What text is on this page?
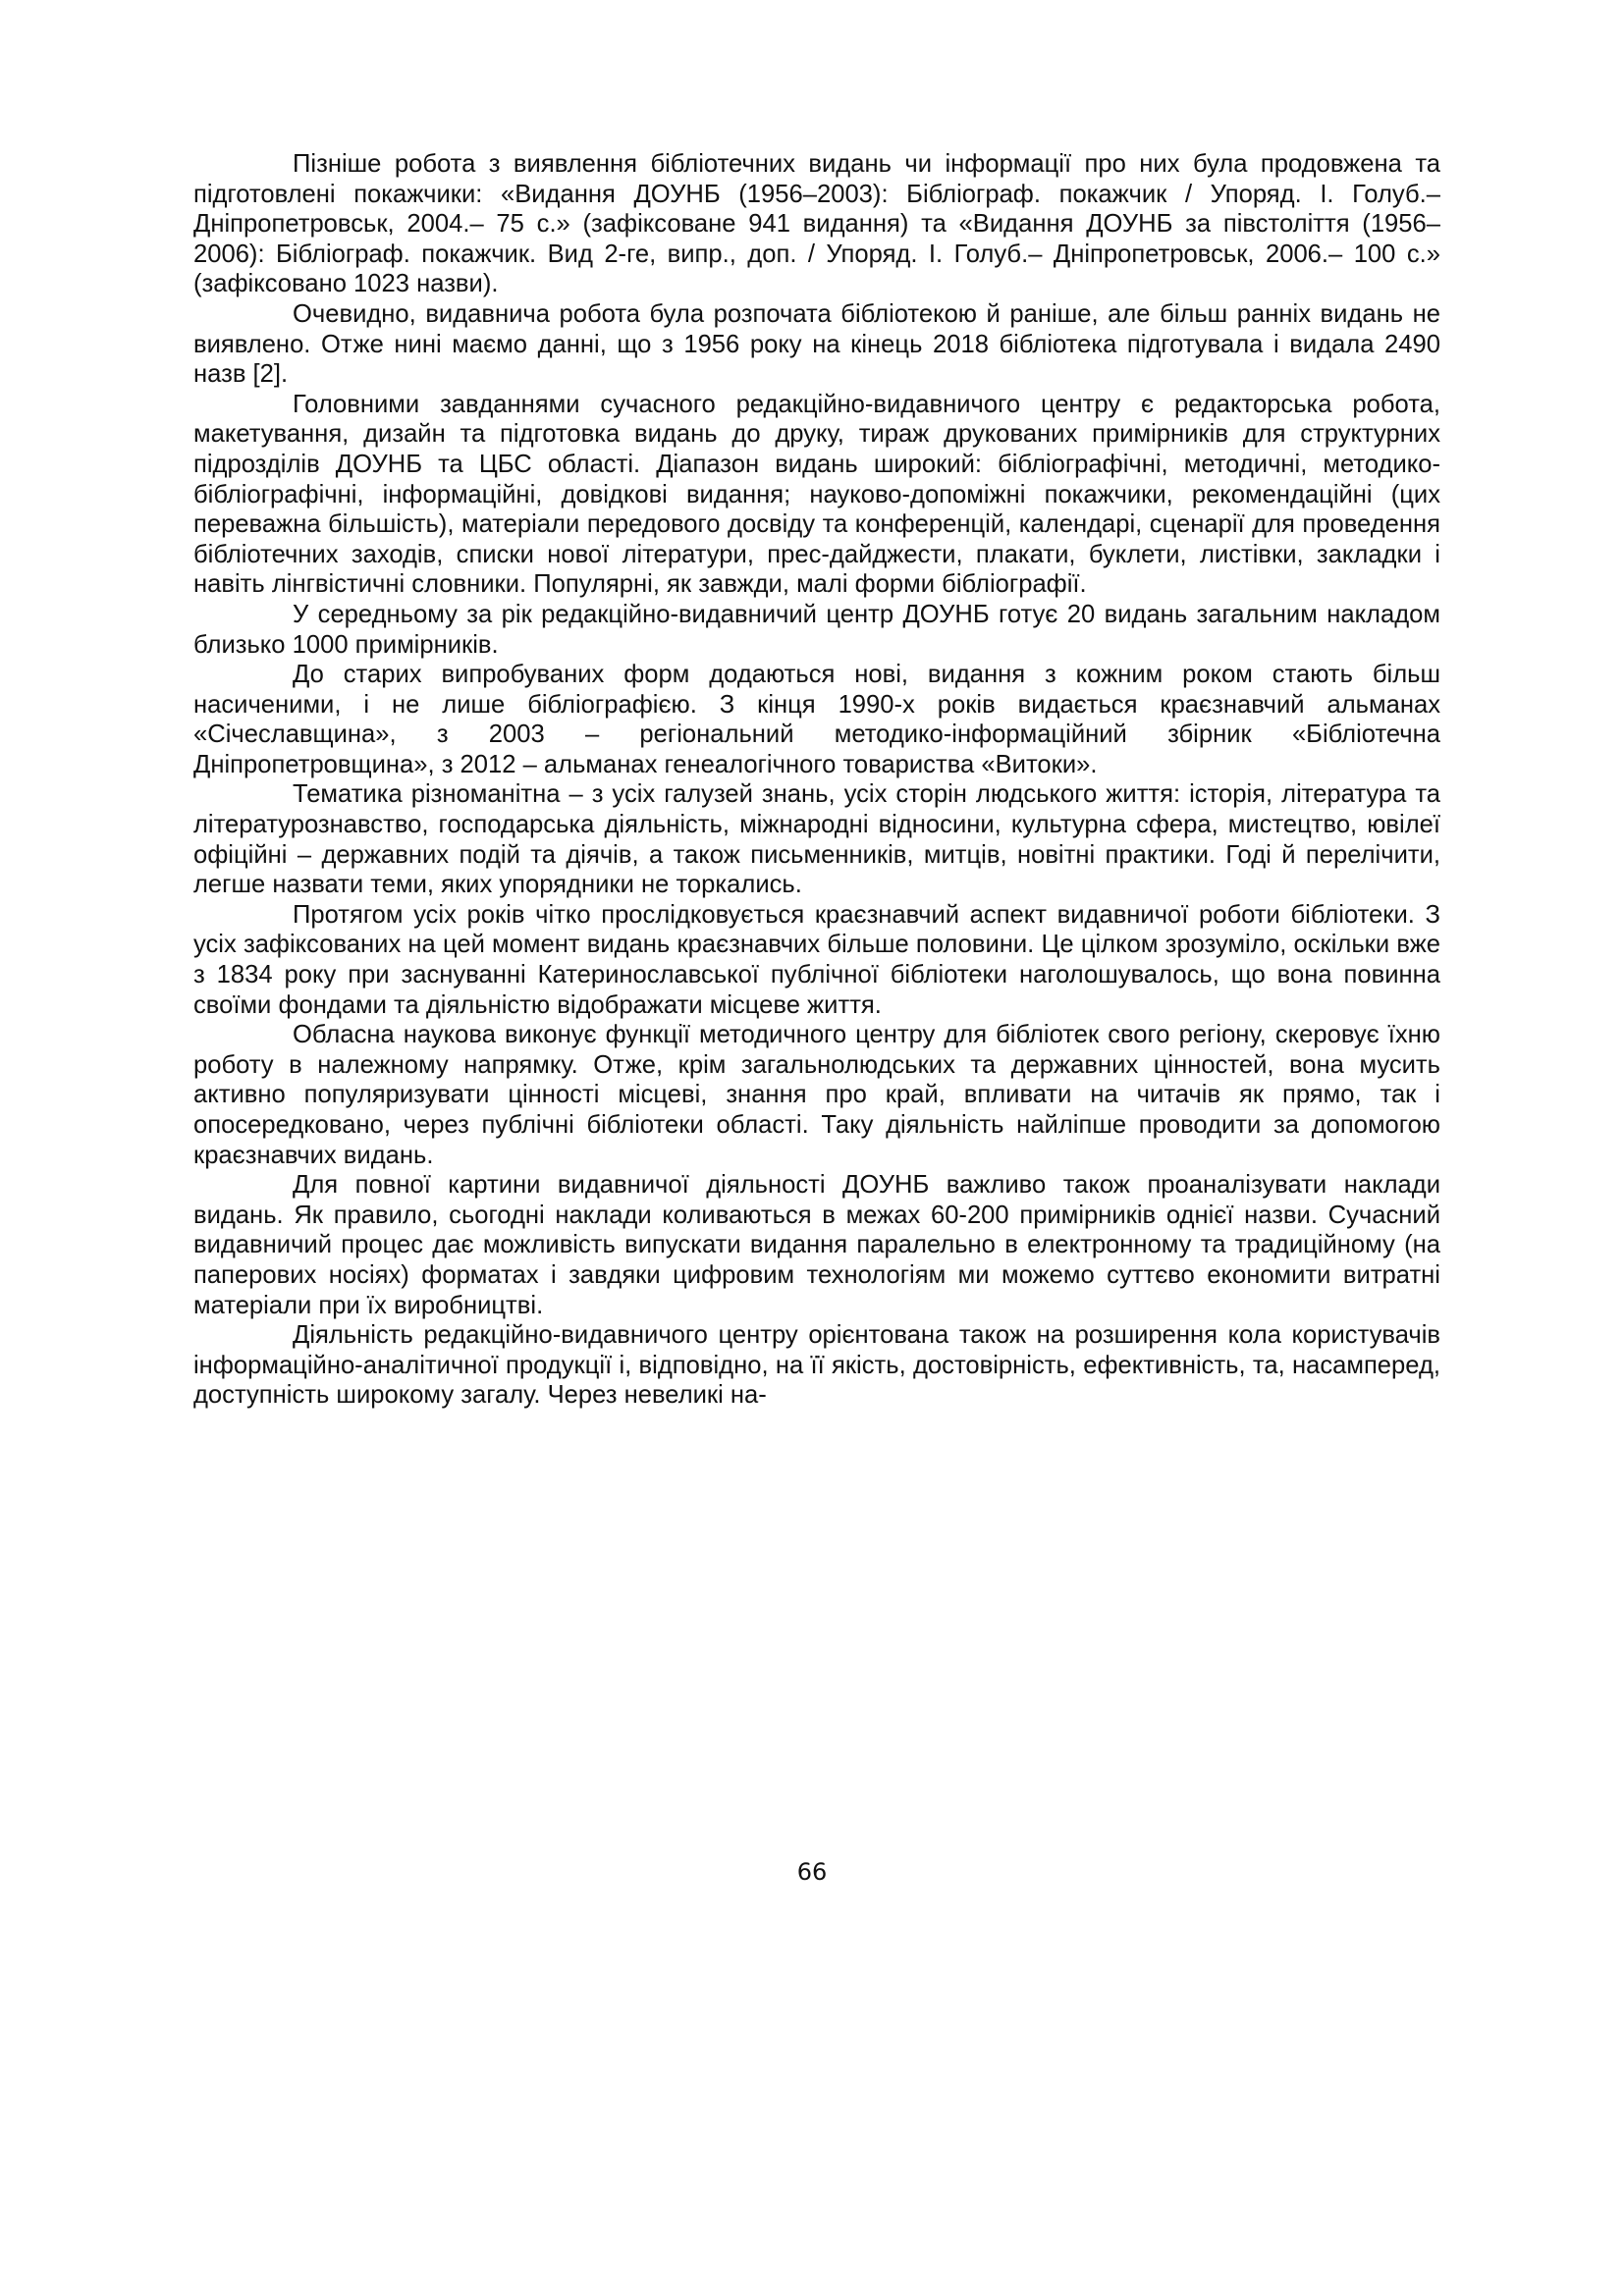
Пізніше робота з виявлення бібліотечних видань чи інформації про них була продовжена та підготовлені покажчики: «Видання ДОУНБ (1956–2003): Бібліограф. покажчик / Упоряд. І. Голуб.– Дніпропетровськ, 2004.– 75 с.» (зафіксоване 941 видання) та «Видання ДОУНБ за півстоліття (1956–2006): Бібліограф. покажчик. Вид 2-ге, випр., доп. / Упоряд. І. Голуб.– Дніпропетровськ, 2006.– 100 с.» (зафіксовано 1023 назви).

Очевидно, видавнича робота була розпочата бібліотекою й раніше, але більш ранніх видань не виявлено. Отже нині маємо данні, що з 1956 року на кінець 2018 бібліотека підготувала і видала 2490 назв [2].

Головними завданнями сучасного редакційно-видавничого центру є редакторська робота, макетування, дизайн та підготовка видань до друку, тираж друкованих примірників для структурних підрозділів ДОУНБ та ЦБС області. Діапазон видань широкий: бібліографічні, методичні, методико-бібліографічні, інформаційні, довідкові видання; науково-допоміжні покажчики, рекомендаційні (цих переважна більшість), матеріали передового досвіду та конференцій, календарі, сценарії для проведення бібліотечних заходів, списки нової літератури, прес-дайджести, плакати, буклети, листівки, закладки і навіть лінгвістичні словники. Популярні, як завжди, малі форми бібліографії.

У середньому за рік редакційно-видавничий центр ДОУНБ готує 20 видань загальним накладом близько 1000 примірників.

До старих випробуваних форм додаються нові, видання з кожним роком стають більш насиченими, і не лише бібліографією. З кінця 1990-х років видається краєзнавчий альманах «Січеславщина», з 2003 – регіональний методико-інформаційний збірник «Бібліотечна Дніпропетровщина», з 2012 – альманах генеалогічного товариства «Витоки».

Тематика різноманітна – з усіх галузей знань, усіх сторін людського життя: історія, література та літературознавство, господарська діяльність, міжнародні відносини, культурна сфера, мистецтво, ювілеї офіційні – державних подій та діячів, а також письменників, митців, новітні практики. Годі й перелічити, легше назвати теми, яких упорядники не торкались.

Протягом усіх років чітко прослідковується краєзнавчий аспект видавничої роботи бібліотеки. З усіх зафіксованих на цей момент видань краєзнавчих більше половини. Це цілком зрозуміло, оскільки вже з 1834 року при заснуванні Катеринославської публічної бібліотеки наголошувалось, що вона повинна своїми фондами та діяльністю відображати місцеве життя.

Обласна наукова виконує функції методичного центру для бібліотек свого регіону, скеровує їхню роботу в належному напрямку. Отже, крім загальнолюдських та державних цінностей, вона мусить активно популяризувати цінності місцеві, знання про край, впливати на читачів як прямо, так і опосередковано, через публічні бібліотеки області. Таку діяльність найліпше проводити за допомогою краєзнавчих видань.

Для повної картини видавничої діяльності ДОУНБ важливо також проаналізувати наклади видань. Як правило, сьогодні наклади коливаються в межах 60-200 примірників однієї назви. Сучасний видавничий процес дає можливість випускати видання паралельно в електронному та традиційному (на паперових носіях) форматах і завдяки цифровим технологіям ми можемо суттєво економити витратні матеріали при їх виробництві.

Діяльність редакційно-видавничого центру орієнтована також на розширення кола користувачів інформаційно-аналітичної продукції і, відповідно, на її якість, достовірність, ефективність, та, насамперед, доступність широкому загалу. Через невеликі на-

66
